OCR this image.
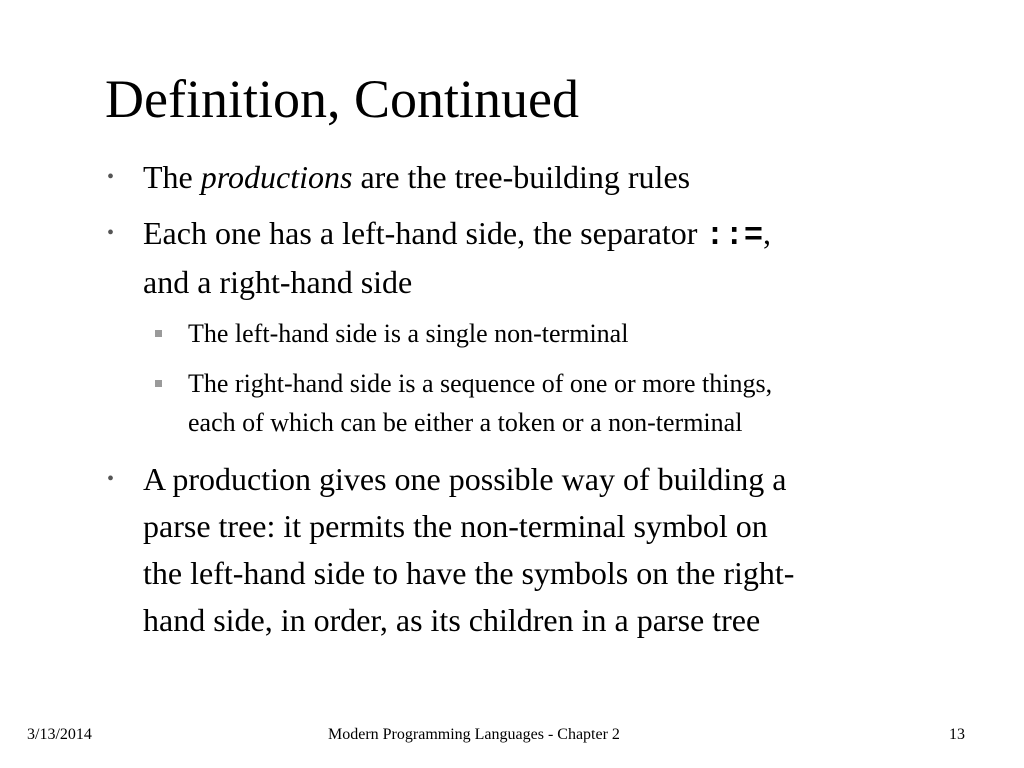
Definition, Continued
• The productions are the tree-building rules
• Each one has a left-hand side, the separator ::=,
and a right-hand side
The left-hand side is a single non-terminal
The right-hand side is a sequence of one or more things,
each of which can be either a token or a non-terminal
• A production gives one possible way of building a
parse tree: it permits the non-terminal symbol on
the left-hand side to have the symbols on the right-
hand side, in order, as its children in a parse tree
3/13/2014	Modern Programming Languages - Chapter 2	13
